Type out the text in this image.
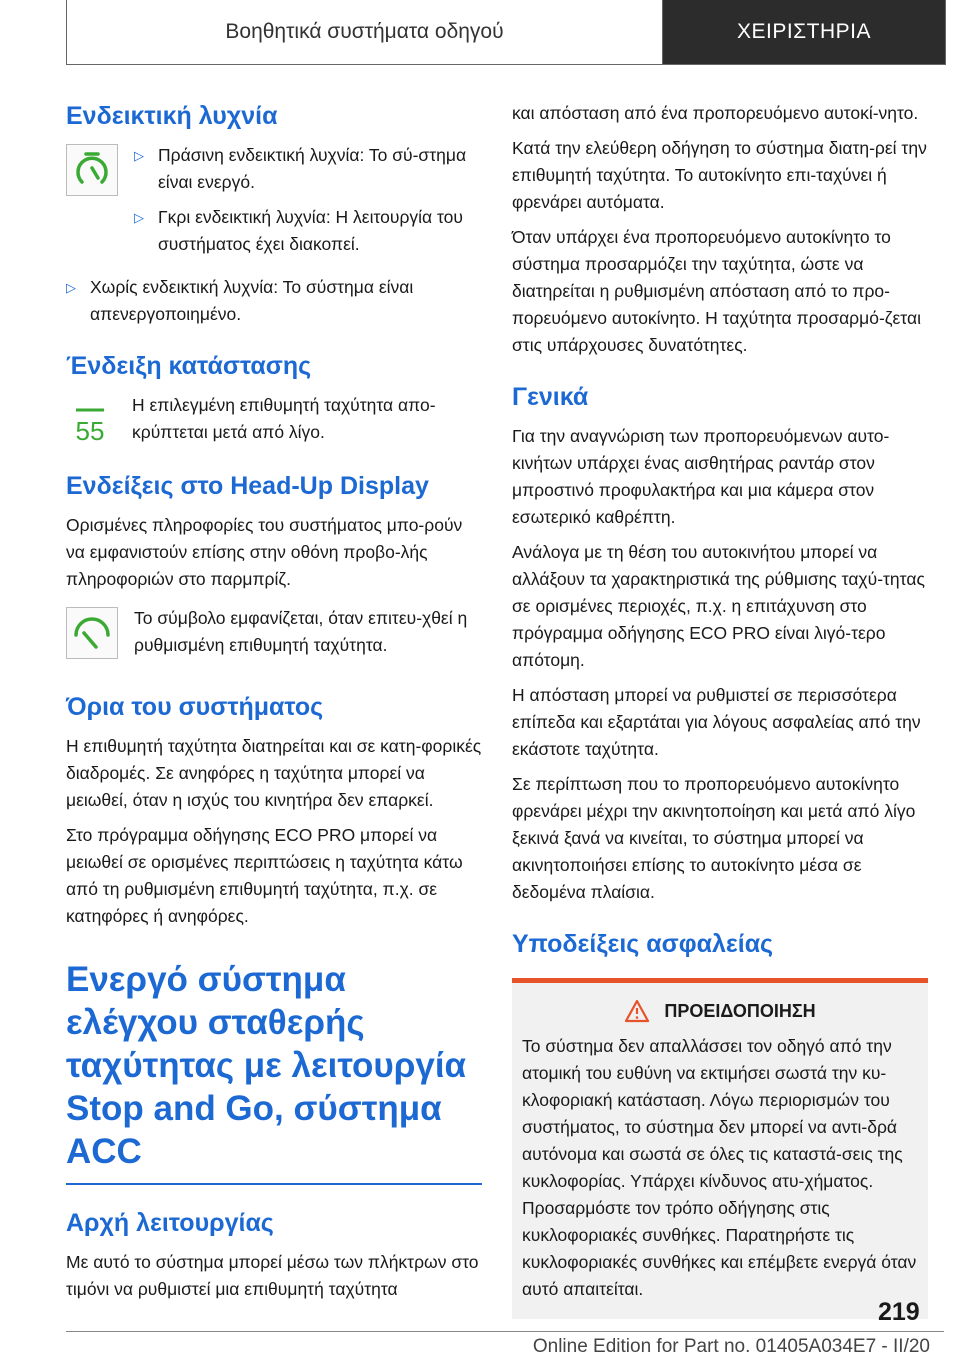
Βοηθητικά συστήματα οδηγού	ΧΕΙΡΙΣΤΗΡΙΑ
Ενδεικτική λυχνία
▷ Πράσινη ενδεικτική λυχνία: Το σύ-στημα είναι ενεργό.
▷ Γκρι ενδεικτική λυχνία: Η λειτουργία του συστήματος έχει διακοπεί.
▷ Χωρίς ενδεικτική λυχνία: Το σύστημα είναι απενεργοποιημένο.
Ένδειξη κατάστασης
55

Η επιλεγμένη επιθυμητή ταχύτητα απο-κρύπτεται μετά από λίγο.

Ενδείξεις στο Head-Up Display

Ορισμένες πληροφορίες του συστήματος μπο-ρούν να εμφανιστούν επίσης στην οθόνη προβο-λής πληροφοριών στο παρμπρίζ.

Το σύμβολο εμφανίζεται, όταν επιτευ-χθεί η ρυθμισμένη επιθυμητή ταχύτητα.

Όρια του συστήματος

Η επιθυμητή ταχύτητα διατηρείται και σε κατη-φορικές διαδρομές. Σε ανηφόρες η ταχύτητα μπορεί να μειωθεί, όταν η ισχύς του κινητήρα δεν επαρκεί.

Στο πρόγραμμα οδήγησης ECO PRO μπορεί να μειωθεί σε ορισμένες περιπτώσεις η ταχύτητα κάτω από τη ρυθμισμένη επιθυμητή ταχύτητα, π.χ. σε κατηφόρες ή ανηφόρες.

Ενεργό σύστημα ελέγχου σταθερής ταχύτητας με λειτουργία Stop and Go, σύστημα ACC
Αρχή λειτουργίας

Με αυτό το σύστημα μπορεί μέσω των πλήκτρων στο τιμόνι να ρυθμιστεί μια επιθυμητή ταχύτητα

και απόσταση από ένα προπορευόμενο αυτοκί-νητο.

Κατά την ελεύθερη οδήγηση το σύστημα διατη-ρεί την επιθυμητή ταχύτητα. Το αυτοκίνητο επι-ταχύνει ή φρενάρει αυτόματα.

Όταν υπάρχει ένα προπορευόμενο αυτοκίνητο το σύστημα προσαρμόζει την ταχύτητα, ώστε να διατηρείται η ρυθμισμένη απόσταση από το προ-πορευόμενο αυτοκίνητο. Η ταχύτητα προσαρμό-ζεται στις υπάρχουσες δυνατότητες.

Γενικά

Για την αναγνώριση των προπορευόμενων αυτο-κινήτων υπάρχει ένας αισθητήρας ραντάρ στον μπροστινό προφυλακτήρα και μια κάμερα στον εσωτερικό καθρέπτη.

Ανάλογα με τη θέση του αυτοκινήτου μπορεί να αλλάξουν τα χαρακτηριστικά της ρύθμισης ταχύ-τητας σε ορισμένες περιοχές, π.χ. η επιτάχυνση στο πρόγραμμα οδήγησης ECO PRO είναι λιγό-τερο απότομη.

Η απόσταση μπορεί να ρυθμιστεί σε περισσότερα επίπεδα και εξαρτάται για λόγους ασφαλείας από την εκάστοτε ταχύτητα.

Σε περίπτωση που το προπορευόμενο αυτοκίνητο φρενάρει μέχρι την ακινητοποίηση και μετά από λίγο ξεκινά ξανά να κινείται, το σύστημα μπορεί να ακινητοποιήσει επίσης το αυτοκίνητο μέσα σε δεδομένα πλαίσια.

Υποδείξεις ασφαλείας
ΠΡΟΕΙΔΟΠΟΙΗΣΗ

Το σύστημα δεν απαλλάσσει τον οδηγό από την ατομική του ευθύνη να εκτιμήσει σωστά την κυ-κλοφοριακή κατάσταση. Λόγω περιορισμών του συστήματος, το σύστημα δεν μπορεί να αντι-δρά αυτόνομα και σωστά σε όλες τις καταστά-σεις της κυκλοφορίας. Υπάρχει κίνδυνος ατυ-χήματος. Προσαρμόστε τον τρόπο οδήγησης στις κυκλοφοριακές συνθήκες. Παρατηρήστε τις κυκλοφοριακές συνθήκες και επέμβετε ενεργά όταν αυτό απαιτείται.

219
Online Edition for Part no. 01405A034E7 - II/20
